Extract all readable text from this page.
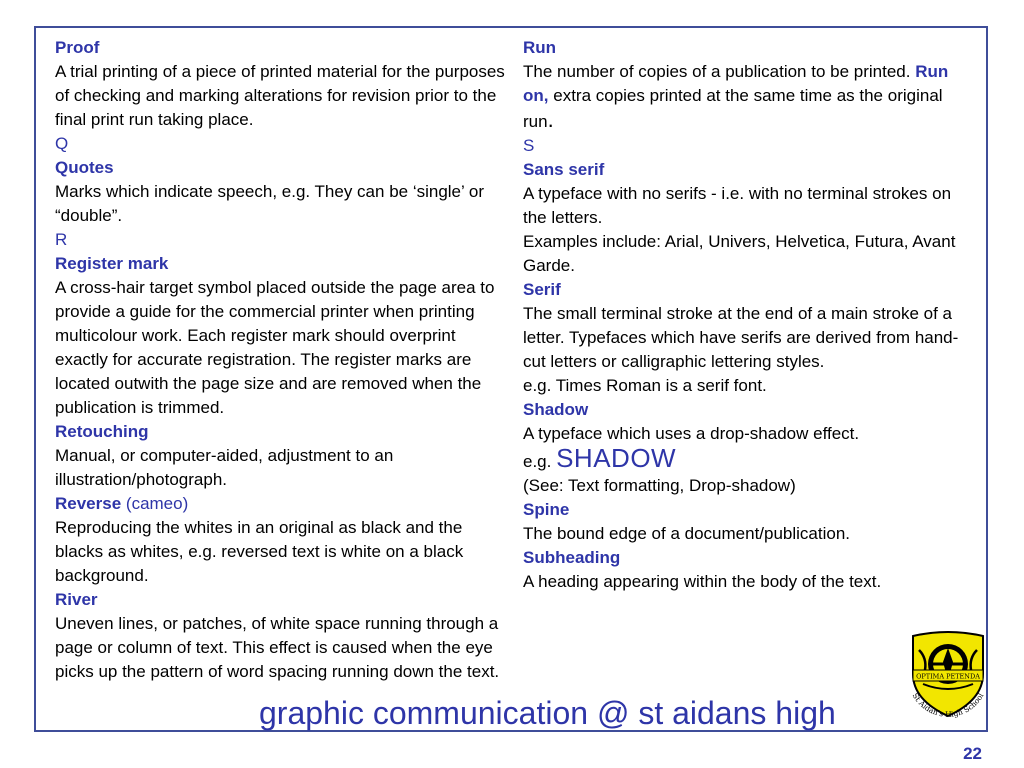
Proof
A trial printing of a piece of printed material for the purposes of checking and marking alterations for revision prior to the final print run taking place.
Q
Quotes
Marks which indicate speech, e.g. They can be ‘single’ or “double”.
R
Register mark
A cross-hair target symbol placed outside the page area to provide a guide for the commercial printer when printing multicolour work. Each register mark should overprint exactly for accurate registration. The register marks are located outwith the page size and are removed when the publication is trimmed.
Retouching
Manual, or computer-aided, adjustment to an illustration/photograph.
Reverse (cameo)
Reproducing the whites in an original as black and the blacks as whites, e.g. reversed text is white on a black background.
River
Uneven lines, or patches, of white space running through a page or column of text. This effect is caused when the eye picks up the pattern of word spacing running down the text.
Run
The number of copies of a publication to be printed. Run on, extra copies printed at the same time as the original run.
S
Sans serif
A typeface with no serifs - i.e. with no terminal strokes on the letters.
Examples include: Arial, Univers, Helvetica, Futura, Avant Garde.
Serif
The small terminal stroke at the end of a main stroke of a letter. Typefaces which have serifs are derived from hand-cut letters or calligraphic lettering styles.
e.g. Times Roman is a serif font.
Shadow
A typeface which uses a drop-shadow effect.
e.g. SHADOW
(See: Text formatting, Drop-shadow)
Spine
The bound edge of a document/publication.
Subheading
A heading appearing within the body of the text.
graphic communication @ st aidans high
OPTIMA PETENDA
St Aidan's High School
22
